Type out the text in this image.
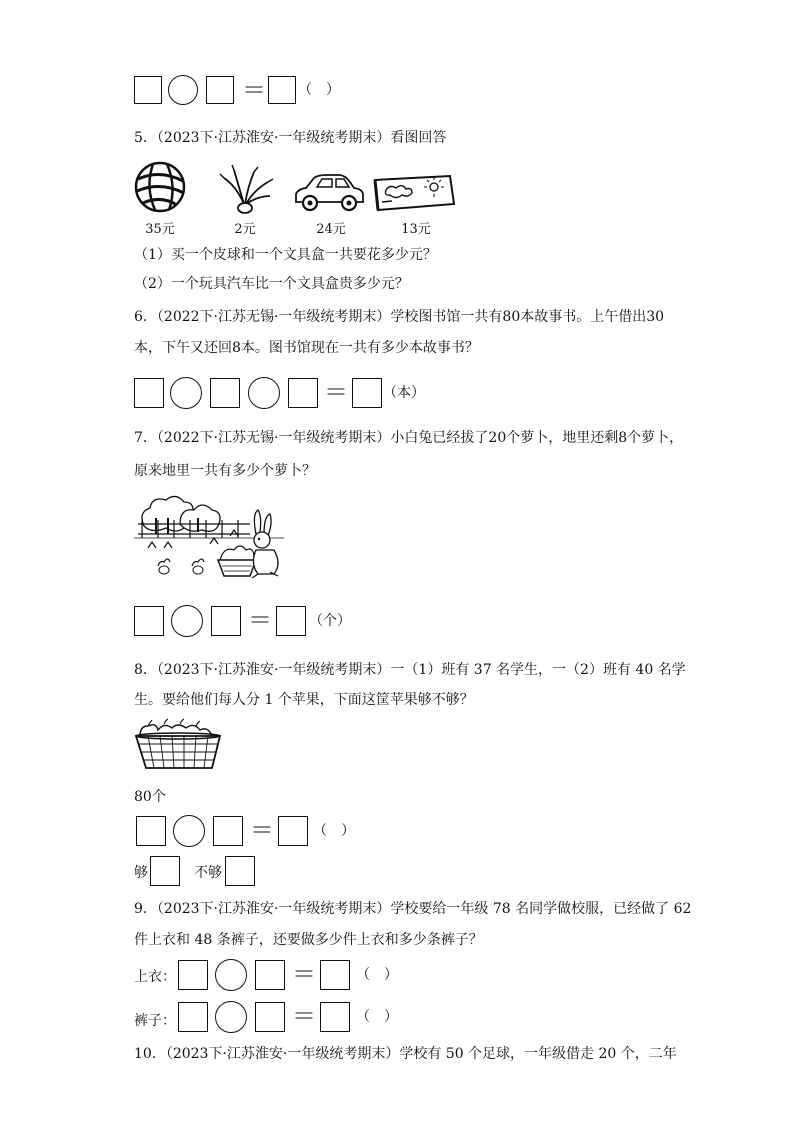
＝ （　）
5．（2023下·江苏淮安·一年级统考期末）看图回答
35元	2元	24元	13元
（1）买一个皮球和一个文具盒一共要花多少元？
（2）一个玩具汽车比一个文具盒贵多少元？
6．（2022下·江苏无锡·一年级统考期末）学校图书馆一共有80本故事书。上午借出30
本，下午又还回8本。图书馆现在一共有多少本故事书？
＝	（本）
7．（2022下·江苏无锡·一年级统考期末）小白兔已经拔了20个萝卜，地里还剩8个萝卜，
原来地里一共有多少个萝卜？
＝	（个）
8．（2023下·江苏淮安·一年级统考期末）一（1）班有 37 名学生，一（2）班有 40 名学
生。要给他们每人分 1 个苹果，下面这筐苹果够不够？
80个
＝	（　）
够	不够
9．（2023下·江苏淮安·一年级统考期末）学校要给一年级 78 名同学做校服，已经做了 62
件上衣和 48 条裤子，还要做多少件上衣和多少条裤子？
上衣：	＝	（　）
裤子：	＝	（　）
10．（2023下·江苏淮安·一年级统考期末）学校有 50 个足球，一年级借走 20 个，二年
